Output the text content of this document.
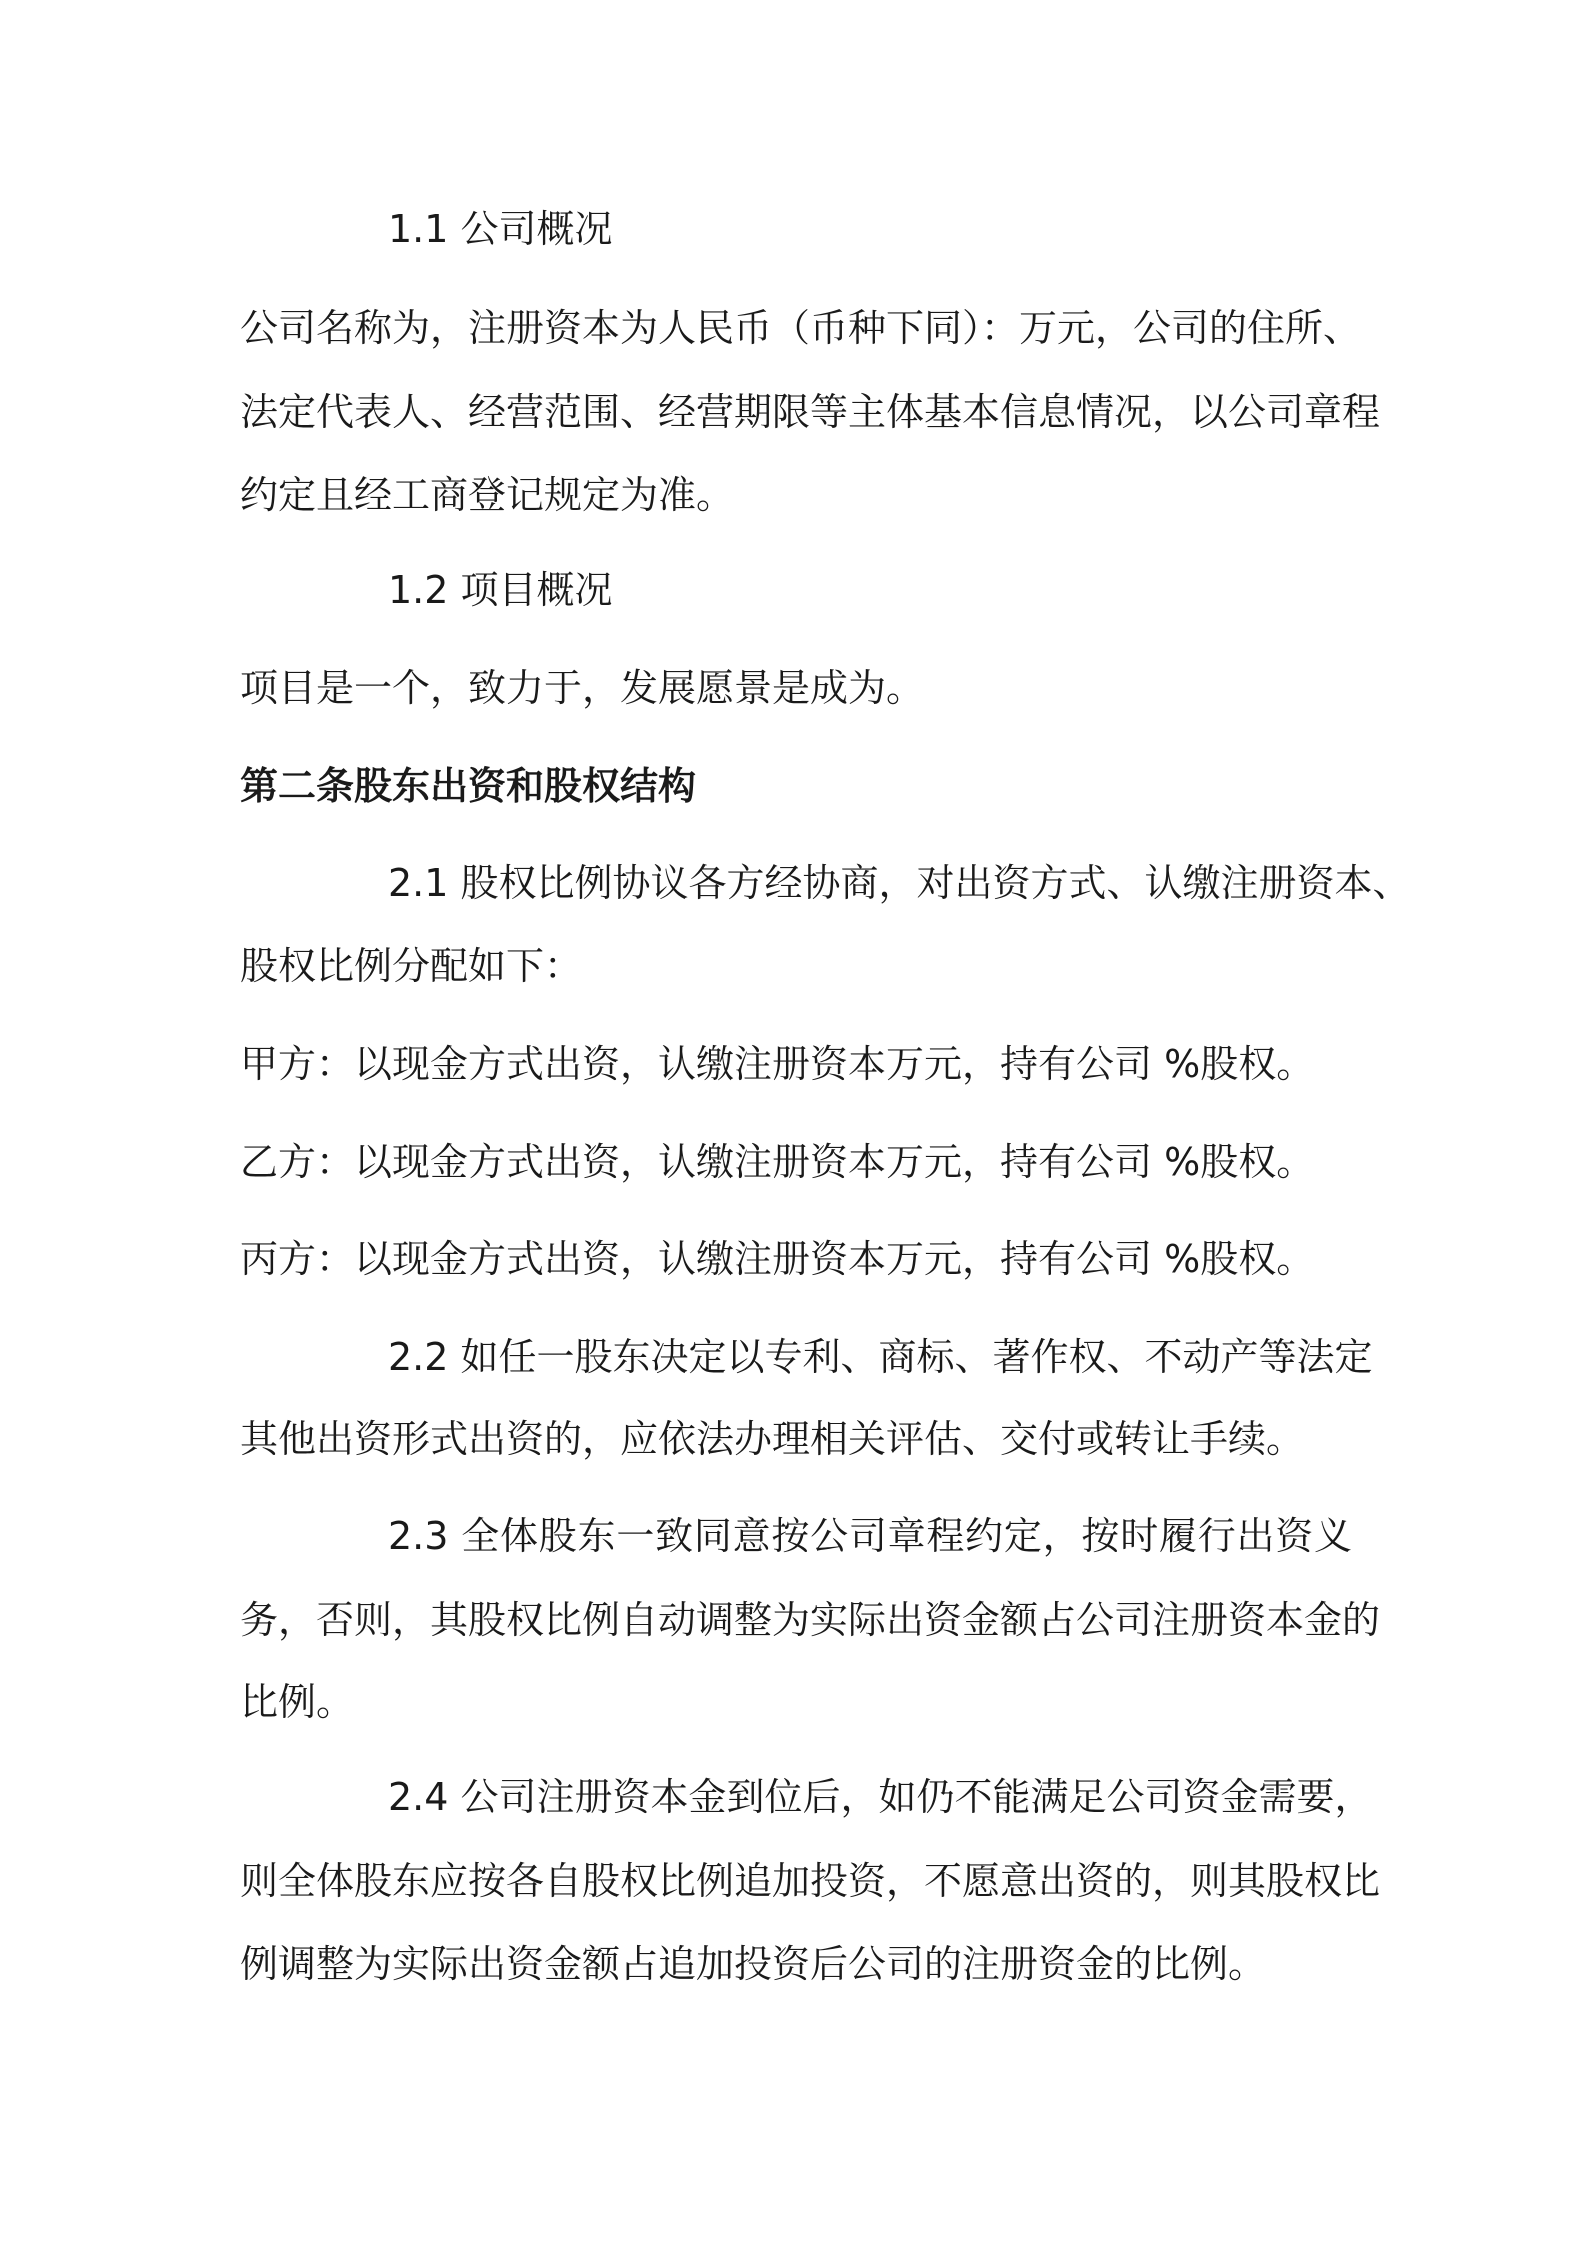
1.1 公司概况
公司名称为，注册资本为人民币（币种下同）：万元，公司的住所、
法定代表人、经营范围、经营期限等主体基本信息情况，以公司章程
约定且经工商登记规定为准。
1.2 项目概况
项目是一个，致力于，发展愿景是成为。
第二条股东出资和股权结构
2.1 股权比例协议各方经协商，对出资方式、认缴注册资本、
股权比例分配如下：
甲方：以现金方式出资，认缴注册资本万元，持有公司 %股权。
乙方：以现金方式出资，认缴注册资本万元，持有公司 %股权。
丙方：以现金方式出资，认缴注册资本万元，持有公司 %股权。
2.2 如任一股东决定以专利、商标、著作权、不动产等法定
其他出资形式出资的，应依法办理相关评估、交付或转让手续。
2.3 全体股东一致同意按公司章程约定，按时履行出资义
务，否则，其股权比例自动调整为实际出资金额占公司注册资本金的
比例。
2.4 公司注册资本金到位后，如仍不能满足公司资金需要，
则全体股东应按各自股权比例追加投资，不愿意出资的，则其股权比
例调整为实际出资金额占追加投资后公司的注册资金的比例。
